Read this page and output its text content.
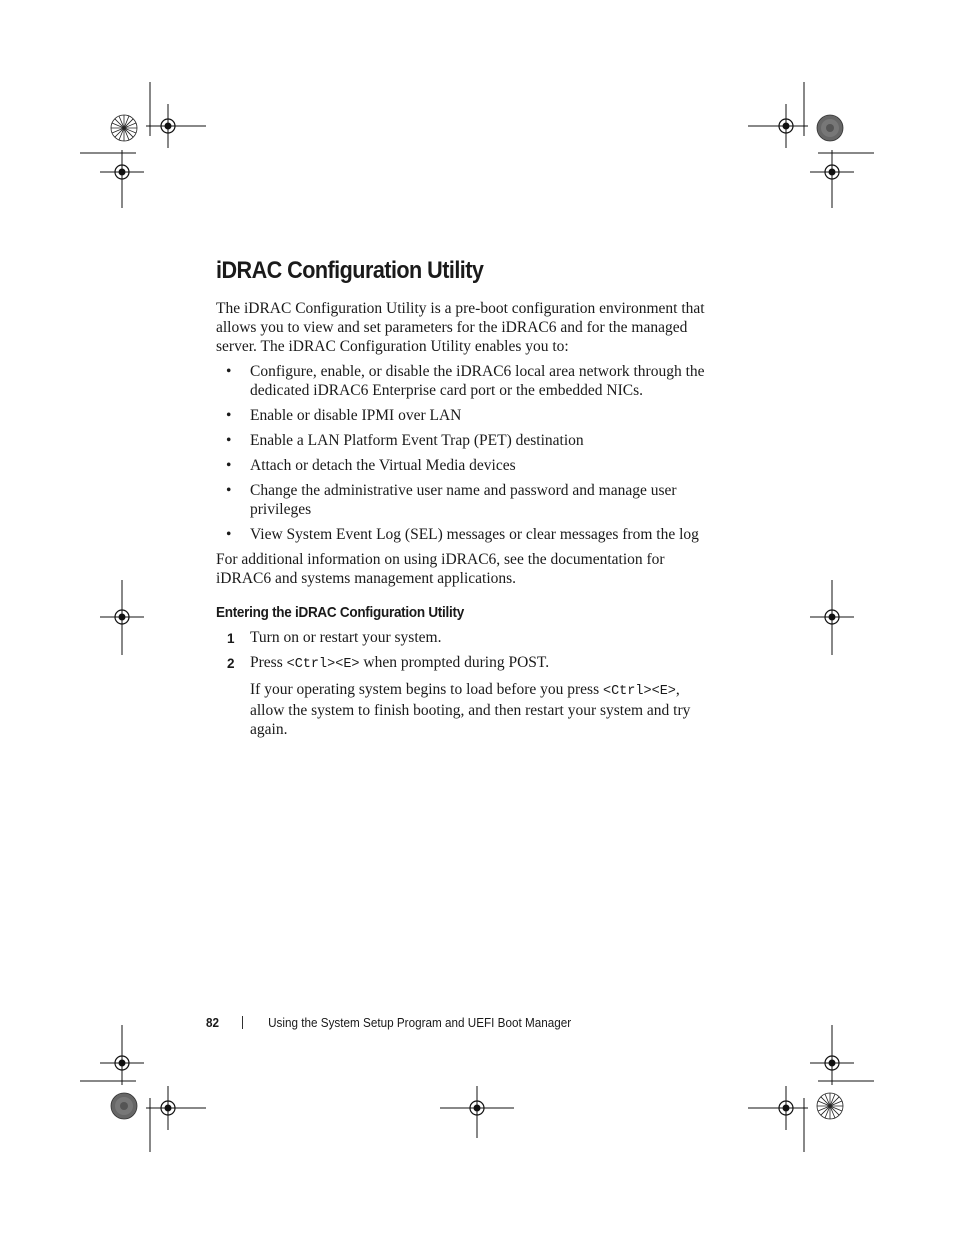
iDRAC Configuration Utility

The iDRAC Configuration Utility is a pre-boot configuration environment that allows you to view and set parameters for the iDRAC6 and for the managed server. The iDRAC Configuration Utility enables you to:

• Configure, enable, or disable the iDRAC6 local area network through the dedicated iDRAC6 Enterprise card port or the embedded NICs.
• Enable or disable IPMI over LAN
• Enable a LAN Platform Event Trap (PET) destination
• Attach or detach the Virtual Media devices
• Change the administrative user name and password and manage user privileges
• View System Event Log (SEL) messages or clear messages from the log

For additional information on using iDRAC6, see the documentation for iDRAC6 and systems management applications.

Entering the iDRAC Configuration Utility
1 Turn on or restart your system.
2 Press <Ctrl><E> when prompted during POST.

If your operating system begins to load before you press <Ctrl><E>, allow the system to finish booting, and then restart your system and try again.

82	Using the System Setup Program and UEFI Boot Manager
